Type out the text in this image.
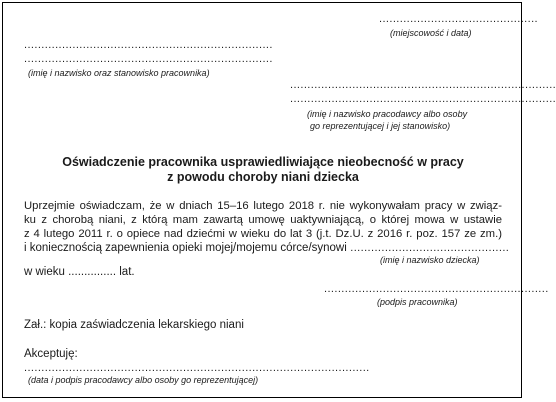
..............................................
(miejscowość i data)
........................................................................
........................................................................
(imię i nazwisko oraz stanowisko pracownika)
.............................................................................
.............................................................................
(imię i nazwisko pracodawcy albo osoby
go reprezentującej i jej stanowisko)
Oświadczenie pracownika usprawiedliwiające nieobecność w pracy
z powodu choroby niani dziecka
Uprzejmie oświadczam, że w dniach 15–16 lutego 2018 r. nie wykonywałam pracy w związ-
ku z chorobą niani, z którą mam zawartą umowę uaktywniającą, o której mowa w ustawie
z 4 lutego 2011 r. o opiece nad dziećmi w wieku do lat 3 (j.t. Dz.U. z 2016 r. poz. 157 ze zm.)
i koniecznością zapewnienia opieki mojej/mojemu córce/synowi ..............................................
(imię i nazwisko dziecka)
w wieku ............... lat.
.................................................................
(podpis pracownika)
Zał.: kopia zaświadczenia lekarskiego niani
Akceptuję:
....................................................................................................
(data i podpis pracodawcy albo osoby go reprezentującej)
